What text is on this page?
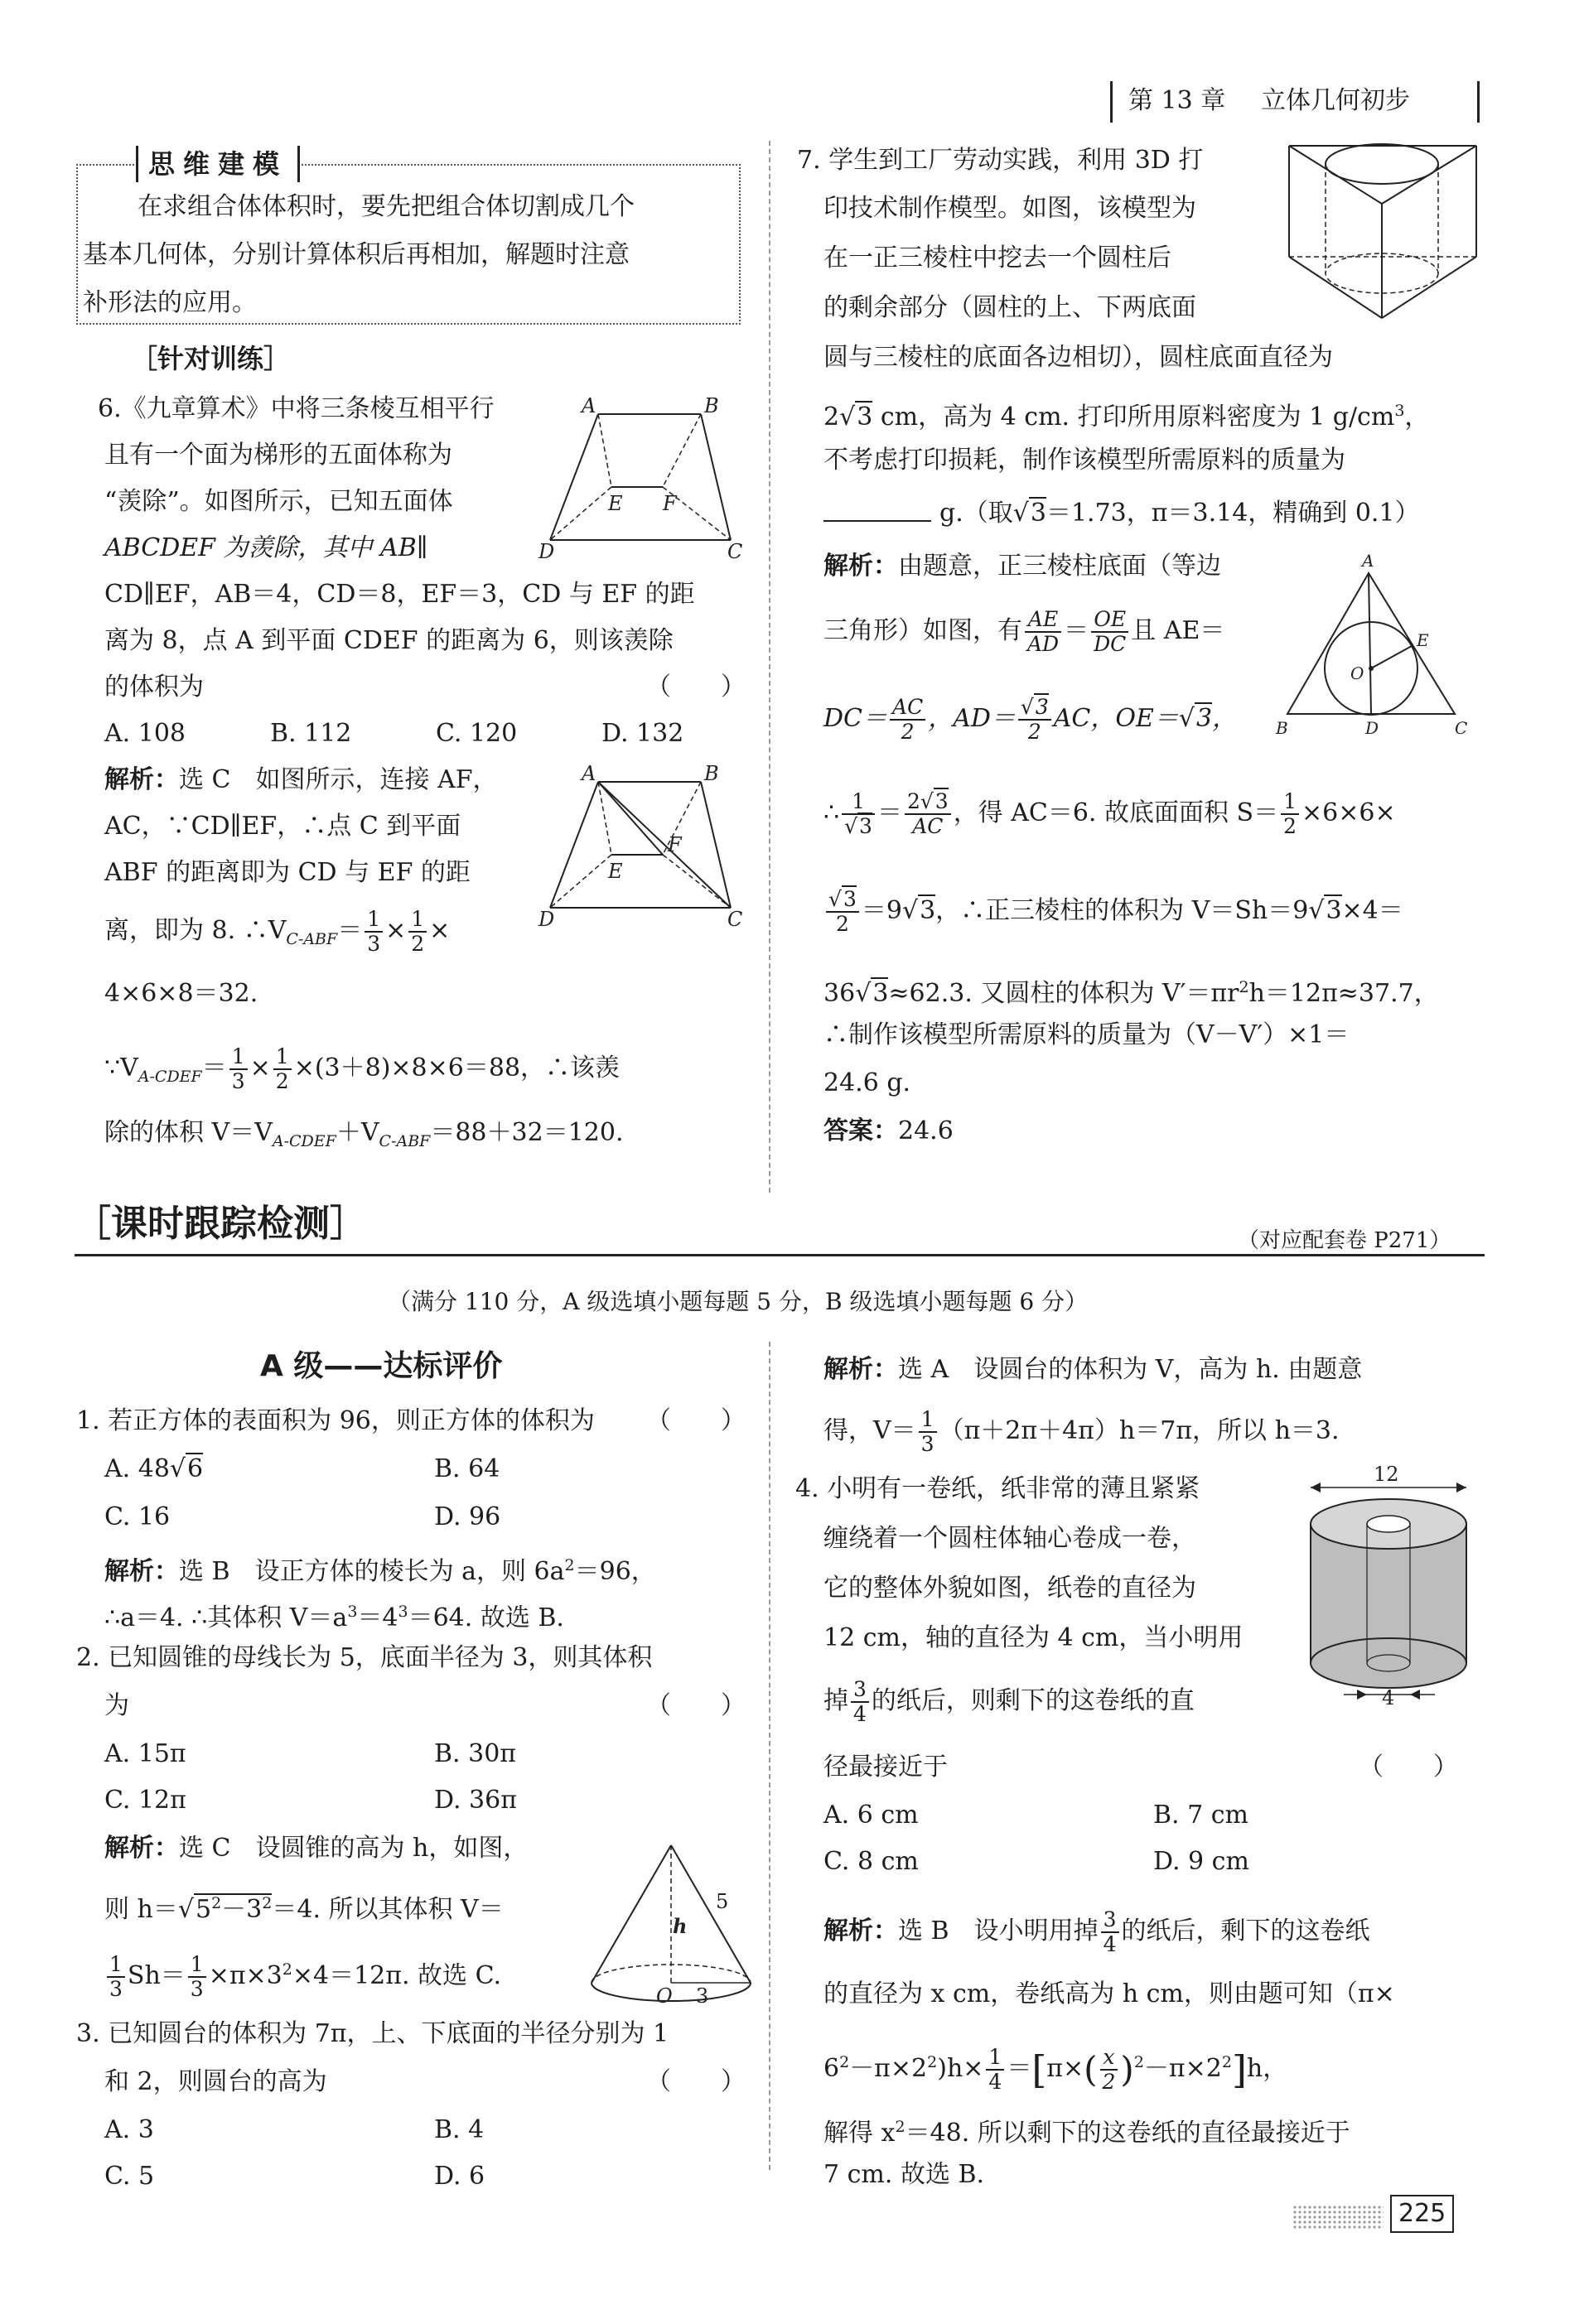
第 13 章 立体几何初步
思维建模
在求组合体体积时，要先把组合体切割成几个
基本几何体，分别计算体积后再相加，解题时注意
补形法的应用。
［针对训练］
6.《九章算术》中将三条棱互相平行
且有一个面为梯形的五面体称为
“羡除”。如图所示，已知五面体
ABCDEF 为羡除，其中 AB∥
CD∥EF，AB＝4，CD＝8，EF＝3，CD 与 EF 的距
离为 8，点 A 到平面 CDEF 的距离为 6，则该羡除
的体积为	（　　）
A. 108	B. 112	C. 120	D. 132
A	B
E F
D	C
解析：选 C　如图所示，连接 AF，
AC，∵CD∥EF，∴点 C 到平面
ABF 的距离即为 CD 与 EF 的距
离，即为 8. $\therefore V_{C-ABF}= \frac{1}{3} \times \frac{1}{2}$ ×
4×6×8＝32.
$\because V_{A-CDEF}= \frac{1}{3} \times \frac{1}{2} \times(3+8)\times 8\times 6=88$，∴该羡
除的体积 $V=V_{A-CDEF}+V_{C-ABF}=88+32=120$.
A	B
E
F
D	C
7. 学生到工厂劳动实践，利用 3D 打
印技术制作模型。如图，该模型为
在一正三棱柱中挖去一个圆柱后
的剩余部分（圆柱的上、下两底面
圆与三棱柱的底面各边相切），圆柱底面直径为
2√3 cm，高为 4 cm. 打印所用原料密度为 1 $g/cm^3$，
不考虑打印损耗，制作该模型所需原料的质量为
g.（取√3＝1.73，π＝3.14，精确到 0.1）
解析：由题意，正三棱柱底面（等边
三角形）如图，有 $\frac{AE}{AD} = \frac{OE}{DC}$ 且 AE＝
$DC= \frac{AC}{2}$ ，$AD= \frac{√3}{2}$ AC，OE＝√3，
∴ $\frac{1}{√3} = \frac{2√3}{AC}$ ，得 AC＝6. 故底面面积 $S= \frac{1}{2} \times 6\times 6\times$
$\frac{√3}{2} =9√3$，∴正三棱柱的体积为 V＝Sh＝9√3×4＝
36√3≈62.3. 又圆柱的体积为 $V'=\pi r^2h=12\pi\approx 37.7$，
∴制作该模型所需原料的质量为（V－V′）×1＝
24.6 g.
答案：24.6
A
E
O
B	D	C
［课时跟踪检测］	（对应配套卷 P271）
（满分 110 分，A 级选填小题每题 5 分，B 级选填小题每题 6 分）
A 级——达标评价
1. 若正方体的表面积为 96，则正方体的体积为 （　　）
A. 48√6	B. 64
C. 16	D. 96
解析：选 B　设正方体的棱长为 a，则 $6a^2=96$，
∴a＝4. ∴其体积 $V=a^3=4^3=64$. 故选 B.
2. 已知圆锥的母线长为 5，底面半径为 3，则其体积
为	（　　）
A. 15π	B. 30π
C. 12π	D. 36π
解析：选 C　设圆锥的高为 h，如图，
则 $h=√5^2-3^2=4$. 所以其体积 V＝
$\frac{1}{3} Sh= \frac{1}{3} \times\pi\times 3^2\times 4=12\pi$. 故选 C.
5
h
O 3
3. 已知圆台的体积为 7π，上、下底面的半径分别为 1
和 2，则圆台的高为	（　　）
A. 3	B. 4
C. 5	D. 6
解析：选 A　设圆台的体积为 V，高为 h. 由题意
得，$V= \frac{1}{3} (\pi+2\pi+4\pi)h=7\pi$，所以 h＝3.
4. 小明有一卷纸，纸非常的薄且紧紧
缠绕着一个圆柱体轴心卷成一卷，
它的整体外貌如图，纸卷的直径为
12 cm，轴的直径为 4 cm，当小明用
掉 $\frac{3}{4}$ 的纸后，则剩下的这卷纸的直
径最接近于	（　　）
A. 6 cm	B. 7 cm
C. 8 cm	D. 9 cm
解析：选 B　设小明用掉 $\frac{3}{4}$ 的纸后，剩下的这卷纸
的直径为 x cm，卷纸高为 h cm，则由题可知（π×
$6^2-\pi\times 2^2)h\times \frac{1}{4} =[\pi\times( \frac{x}{2} )^2-\pi\times 2^2]h$，
解得 $x^2=48$. 所以剩下的这卷纸的直径最接近于
7 cm. 故选 B.
12
4
225
